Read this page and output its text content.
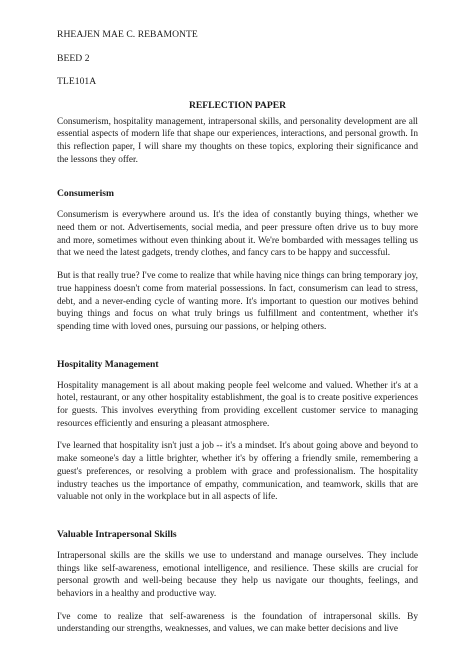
RHEAJEN MAE C. REBAMONTE
BEED 2
TLE101A
REFLECTION PAPER

Consumerism, hospitality management, intrapersonal skills, and personality development are all essential aspects of modern life that shape our experiences, interactions, and personal growth. In this reflection paper, I will share my thoughts on these topics, exploring their significance and the lessons they offer.

Consumerism

Consumerism is everywhere around us. It's the idea of constantly buying things, whether we need them or not. Advertisements, social media, and peer pressure often drive us to buy more and more, sometimes without even thinking about it. We're bombarded with messages telling us that we need the latest gadgets, trendy clothes, and fancy cars to be happy and successful.

But is that really true? I've come to realize that while having nice things can bring temporary joy, true happiness doesn't come from material possessions. In fact, consumerism can lead to stress, debt, and a never-ending cycle of wanting more. It's important to question our motives behind buying things and focus on what truly brings us fulfillment and contentment, whether it's spending time with loved ones, pursuing our passions, or helping others.

Hospitality Management

Hospitality management is all about making people feel welcome and valued. Whether it's at a hotel, restaurant, or any other hospitality establishment, the goal is to create positive experiences for guests. This involves everything from providing excellent customer service to managing resources efficiently and ensuring a pleasant atmosphere.

I've learned that hospitality isn't just a job -- it's a mindset. It's about going above and beyond to make someone's day a little brighter, whether it's by offering a friendly smile, remembering a guest's preferences, or resolving a problem with grace and professionalism. The hospitality industry teaches us the importance of empathy, communication, and teamwork, skills that are valuable not only in the workplace but in all aspects of life.

Valuable Intrapersonal Skills

Intrapersonal skills are the skills we use to understand and manage ourselves. They include things like self-awareness, emotional intelligence, and resilience. These skills are crucial for personal growth and well-being because they help us navigate our thoughts, feelings, and behaviors in a healthy and productive way.

I've come to realize that self-awareness is the foundation of intrapersonal skills. By understanding our strengths, weaknesses, and values, we can make better decisions and live
